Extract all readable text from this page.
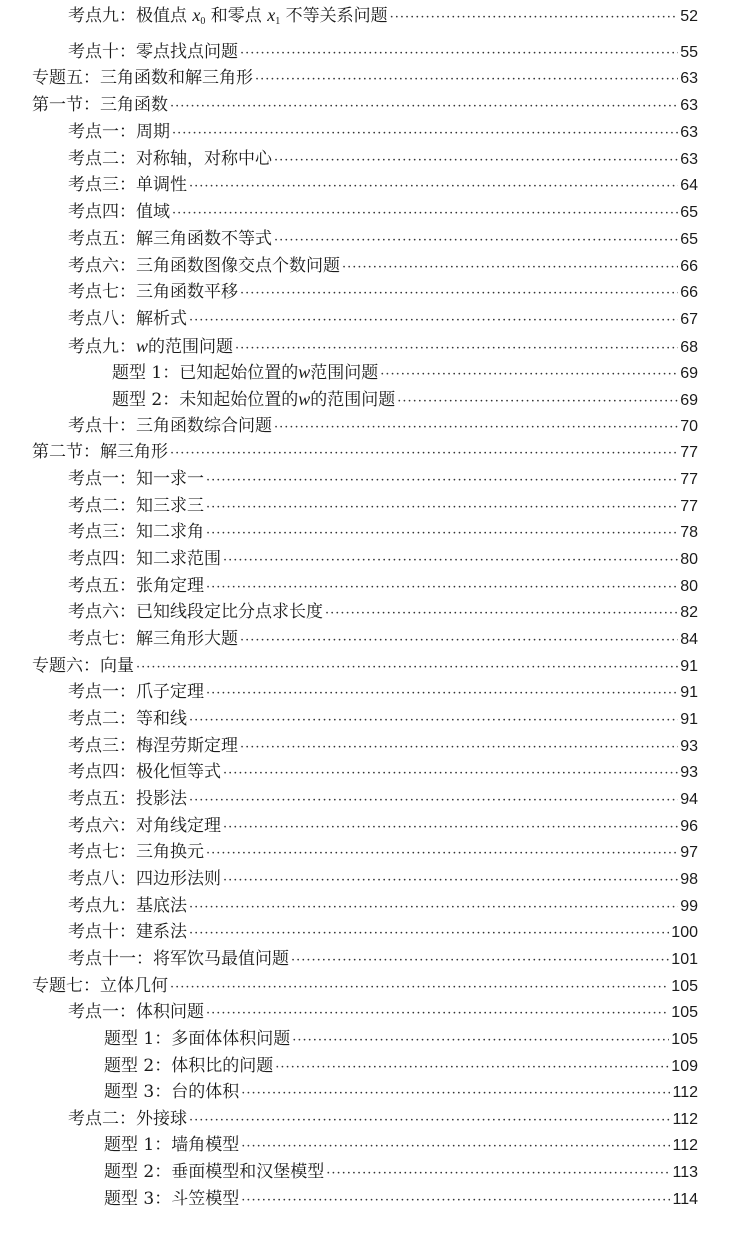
考点九：极值点 $x_0$ 和零点 $x_1$ 不等关系问题 ·····	52
考点十：零点找点问题 ·····	55
专题五：三角函数和解三角形 ·····	63
第一节：三角函数 ·····	63
考点一：周期 ·····	63
考点二：对称轴，对称中心 ·····	63
考点三：单调性 ·····	64
考点四：值域 ·····	65
考点五：解三角函数不等式 ·····	65
考点六：三角函数图像交点个数问题 ·····	66
考点七：三角函数平移 ·····	66
考点八：解析式 ·····	67
考点九：w的范围问题 ·····	68
题型 1：已知起始位置的w范围问题 ·····	69
题型 2：未知起始位置的w的范围问题 ·····	69
考点十：三角函数综合问题 ·····	70
第二节：解三角形 ·····	77
考点一：知一求一 ·····	77
考点二：知三求三 ·····	77
考点三：知二求角 ·····	78
考点四：知二求范围 ·····	80
考点五：张角定理 ·····	80
考点六：已知线段定比分点求长度 ·····	82
考点七：解三角形大题 ·····	84
专题六：向量 ·····	91
考点一：爪子定理 ·····	91
考点二：等和线 ·····	91
考点三：梅涅劳斯定理 ·····	93
考点四：极化恒等式 ·····	93
考点五：投影法 ·····	94
考点六：对角线定理 ·····	96
考点七：三角换元 ·····	97
考点八：四边形法则 ·····	98
考点九：基底法 ·····	99
考点十：建系法 ·····	100
考点十一：将军饮马最值问题 ·····	101
专题七：立体几何 ·····	105
考点一：体积问题 ·····	105
题型 1：多面体体积问题 ·····	105
题型 2：体积比的问题 ·····	109
题型 3：台的体积 ·····	112
考点二：外接球 ·····	112
题型 1：墙角模型 ·····	112
题型 2：垂面模型和汉堡模型 ·····	113
题型 3：斗笠模型 ·····	114
